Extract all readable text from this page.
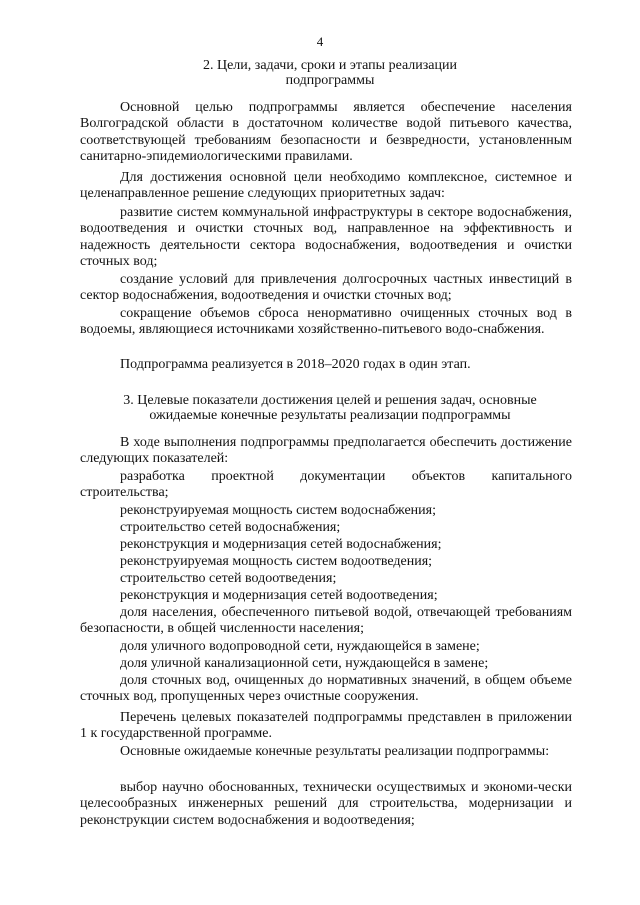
4
2. Цели, задачи, сроки и этапы реализации
подпрограммы
Основной целью подпрограммы является обеспечение населения Волгоградской области в достаточном количестве водой питьевого качества, соответствующей требованиям безопасности и безвредности, установленным санитарно-эпидемиологическими правилами.
Для достижения основной цели необходимо комплексное, системное и целенаправленное решение следующих приоритетных задач:
развитие систем коммунальной инфраструктуры в секторе водоснабжения, водоотведения и очистки сточных вод, направленное на эффективность и надежность деятельности сектора водоснабжения, водоотведения и очистки сточных вод;
создание условий для привлечения долгосрочных частных инвестиций в сектор водоснабжения, водоотведения и очистки сточных вод;
сокращение объемов сброса ненормативно очищенных сточных вод в водоемы, являющиеся источниками хозяйственно-питьевого водо-снабжения.
Подпрограмма реализуется в 2018–2020 годах в один этап.
3. Целевые показатели достижения целей и решения задач, основные
ожидаемые конечные результаты реализации подпрограммы
В ходе выполнения подпрограммы предполагается обеспечить достижение следующих показателей:
разработка проектной документации объектов капитального строительства;
реконструируемая мощность систем водоснабжения;
строительство сетей водоснабжения;
реконструкция и модернизация сетей водоснабжения;
реконструируемая мощность систем водоотведения;
строительство сетей водоотведения;
реконструкция и модернизация сетей водоотведения;
доля населения, обеспеченного питьевой водой, отвечающей требованиям безопасности, в общей численности населения;
доля уличного водопроводной сети, нуждающейся в замене;
доля уличной канализационной сети, нуждающейся в замене;
доля сточных вод, очищенных до нормативных значений, в общем объеме сточных вод, пропущенных через очистные сооружения.
Перечень целевых показателей подпрограммы представлен в приложении 1 к государственной программе.
Основные ожидаемые конечные результаты реализации подпрограммы:
выбор научно обоснованных, технически осуществимых и экономи-чески целесообразных инженерных решений для строительства, модернизации и реконструкции систем водоснабжения и водоотведения;
